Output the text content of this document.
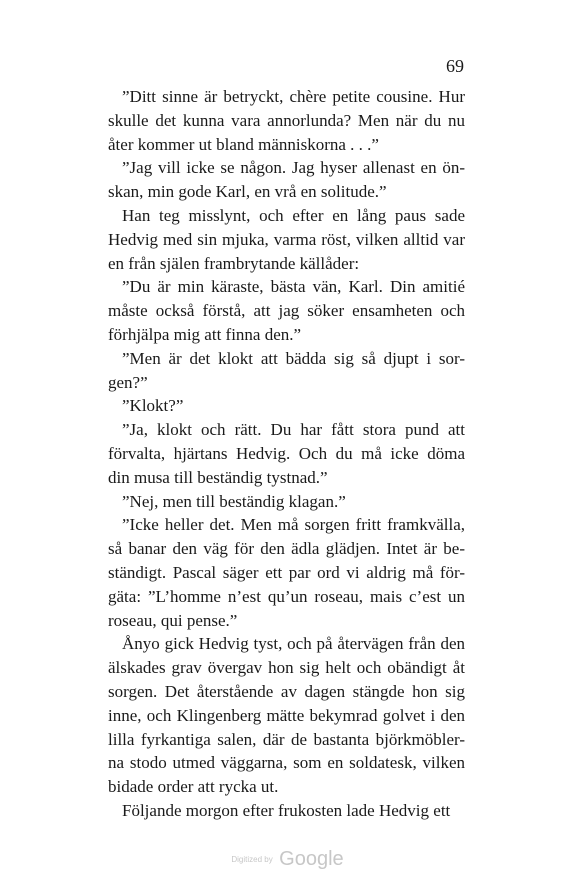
69
”Ditt sinne är betryckt, chère petite cousine. Hur
skulle det kunna vara annorlunda? Men när du nu
åter kommer ut bland människorna . . .”
”Jag vill icke se någon. Jag hyser allenast en ön-
skan, min gode Karl, en vrå en solitude.”
Han teg misslynt, och efter en lång paus sade
Hedvig med sin mjuka, varma röst, vilken alltid var
en från själen frambrytande källåder:
”Du är min käraste, bästa vän, Karl. Din amitié
måste också förstå, att jag söker ensamheten och
förhjälpa mig att finna den.”
”Men är det klokt att bädda sig så djupt i sor-
gen?”
”Klokt?”
”Ja, klokt och rätt. Du har fått stora pund att
förvalta, hjärtans Hedvig. Och du må icke döma
din musa till beständig tystnad.”
”Nej, men till beständig klagan.”
”Icke heller det. Men må sorgen fritt framkvälla,
så banar den väg för den ädla glädjen. Intet är be-
ständigt. Pascal säger ett par ord vi aldrig må för-
gäta: ”L’homme n’est qu’un roseau, mais c’est un
roseau, qui pense.”
Ånyo gick Hedvig tyst, och på återvägen från den
älskades grav övergav hon sig helt och obändigt åt
sorgen. Det återstående av dagen stängde hon sig
inne, och Klingenberg mätte bekymrad golvet i den
lilla fyrkantiga salen, där de bastanta björkmöbler-
na stodo utmed väggarna, som en soldatesk, vilken
bidade order att rycka ut.
Följande morgon efter frukosten lade Hedvig ett
Digitized by Google
